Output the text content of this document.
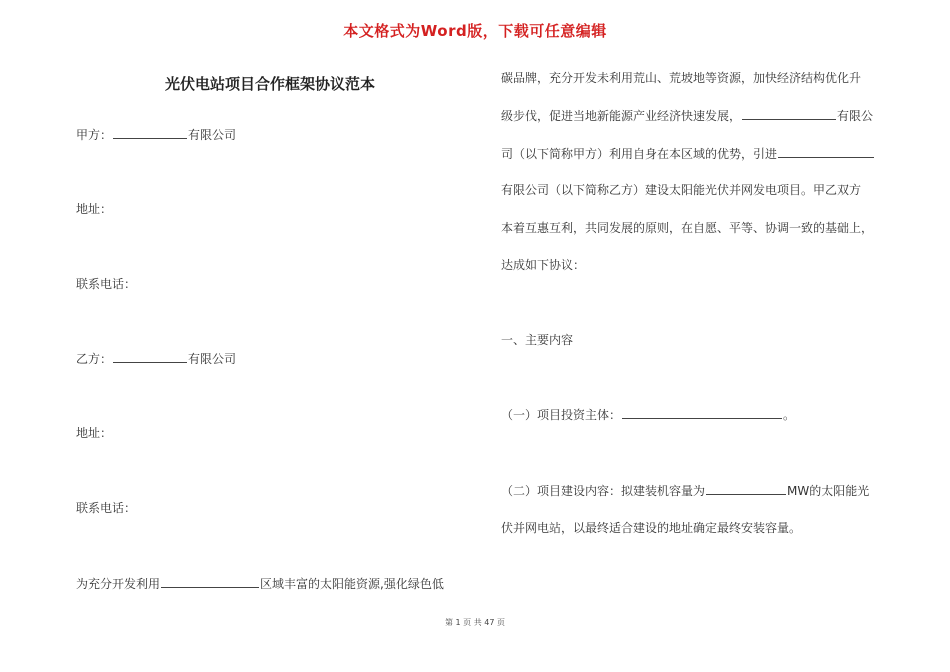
本文格式为Word版，下载可任意编辑
光伏电站项目合作框架协议范本
甲方：	有限公司
地址：
联系电话：
乙方：	有限公司
地址：
联系电话：
为充分开发利用	区域丰富的太阳能资源,强化绿色低
碳品牌，充分开发未利用荒山、荒坡地等资源，加快经济结构优化升
级步伐，促进当地新能源产业经济快速发展，	有限公
司（以下简称甲方）利用自身在本区域的优势，引进
有限公司（以下简称乙方）建设太阳能光伏并网发电项目。甲乙双方
本着互惠互利，共同发展的原则，在自愿、平等、协调一致的基础上，
达成如下协议：
一、主要内容
（一）项目投资主体：	。
（二）项目建设内容：拟建装机容量为	MW的太阳能光
伏并网电站，以最终适合建设的地址确定最终安装容量。
第 1 页 共 47 页
